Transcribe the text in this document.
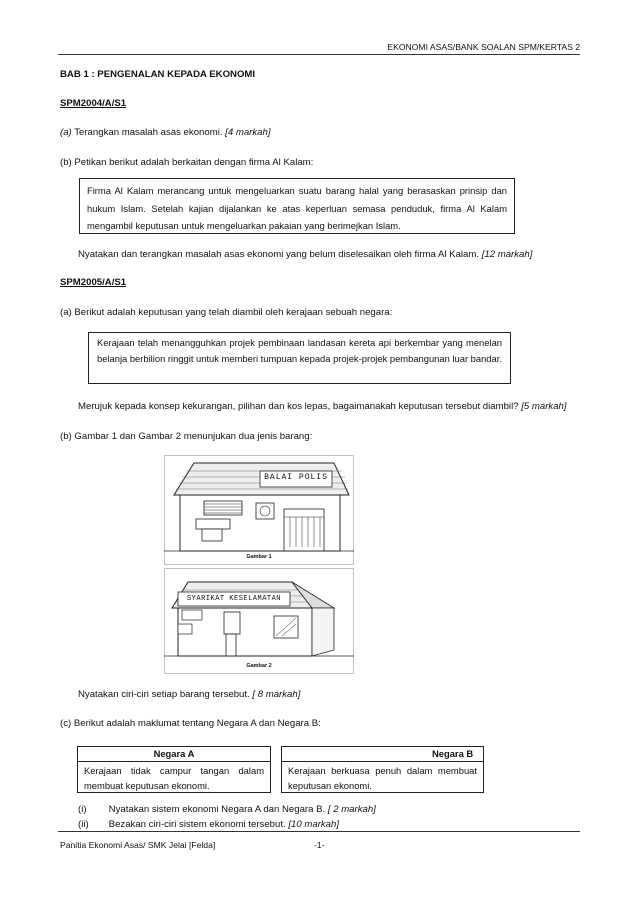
EKONOMI ASAS/BANK SOALAN SPM/KERTAS 2

BAB 1 : PENGENALAN KEPADA EKONOMI

SPM2004/A/S1

(a) Terangkan masalah asas ekonomi. [4 markah]

(b) Petikan berikut adalah berkaitan dengan firma Al Kalam:

Firma Al Kalam merancang untuk mengeluarkan suatu barang halal yang berasaskan prinsip dan hukum Islam. Setelah kajian dijalankan ke atas keperluan semasa penduduk, firma Al Kalam mengambil keputusan untuk mengeluarkan pakaian yang berimejkan Islam.

Nyatakan dan terangkan masalah asas ekonomi yang belum diselesaikan oleh firma Al Kalam. [12 markah]

SPM2005/A/S1

(a) Berikut adalah keputusan yang telah diambil oleh kerajaan sebuah negara:

Kerajaan telah menangguhkan projek pembinaan landasan kereta api berkembar yang menelan belanja berbilion ringgit untuk memberi tumpuan kepada projek-projek pembangunan luar bandar.

Merujuk kepada konsep kekurangan, pilihan dan kos lepas, bagaimanakah keputusan tersebut diambil? [5 markah]

(b) Gambar 1 dan Gambar 2 menunjukan dua jenis barang:

BALAI POLIS
Gambar 1
SYARIKAT KESELAMATAN
Gambar 2

Nyatakan ciri-ciri setiap barang tersebut. [ 8 markah]

(c) Berikut adalah maklumat tentang Negara A dan Negara B:

Negara A
Kerajaan tidak campur tangan dalam membuat keputusan ekonomi.
Negara B
Kerajaan berkuasa penuh dalam membuat keputusan ekonomi.

(i) Nyatakan sistem ekonomi Negara A dan Negara B. [ 2 markah]

(ii) Bezakan ciri-ciri sistem ekonomi tersebut. [10 markah]

Panitia Ekonomi Asas/ SMK Jelai [Felda]	-1-
